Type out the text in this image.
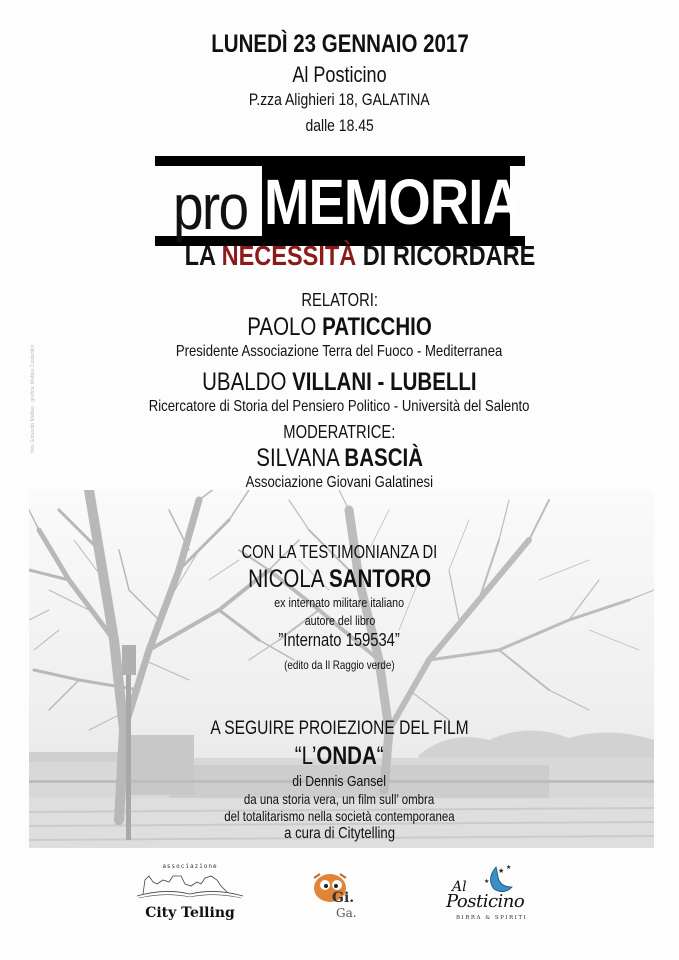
LUNEDÌ 23 GENNAIO 2017
Al Posticino
P.zza Alighieri 18, GALATINA
dalle 18.45
pro MEMORIA
LA NECESSITÀ DI RICORDARE
RELATORI:
PAOLO PATICCHIO
Presidente Associazione Terra del Fuoco - Mediterranea
UBALDO VILLANI - LUBELLI
Ricercatore di Storia del Pensiero Politico - Università del Salento
MODERATRICE:
SILVANA BASCIÀ
Associazione Giovani Galatinesi
CON LA TESTIMONIANZA DI
NICOLA SANTORO
ex internato militare italiano
autore del libro
”Internato 159534”
(edito da Il Raggio verde)
A SEGUIRE PROIEZIONE DEL FILM
“L’ONDA“
di Dennis Gansel
da una storia vera, un film sull’ ombra
del totalitarismo nella società contemporanea
a cura di Citytelling
foto: Eduardo Matteo · grafica: Matteo Costantini
associazione
City Telling
Gi.
Ga.
★ ★
★
Al
Posticino
BIRRA & SPIRITI
